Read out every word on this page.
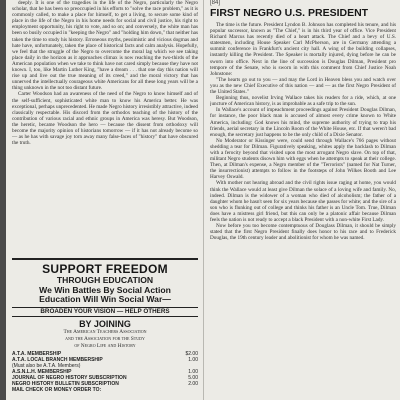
deeply. It is one of the tragedies in the life of the Negro, particularly the Negro scholar, that he has been so preoccupied in his efforts to "solve the race problem," as it is commonly called, to make a place for himself, to get a living, to secure some kind of place in the life of the Negro in his home needs for social and civil justice, his right to employment opportunity, his right to vote, and so on; and conversely, the white man has been so busily occupied in "keeping the Negro" and "holding him down," that neither has taken the time to study his history. Erroneous myths, pessimistic and vicious dogmas and hate have, unfortunately, taken the place of historical facts and calm analysis. Hopefully, we feel that the struggle of the Negro to overcome the moral lag which we see taking place daily in the horizon as it approaches climax is now reaching the two-thirds of the American population when we take to think have not cared simply because they have not known. I, too, like Martin Luther King, "have a dream . . . that one day this nation will rise up and live out the true meaning of its creed," and the moral victory that has unnerved the intellectually courageous white Americans for all these long years will be a thing unknown in the not too distant future.

Carter Woodson had an awareness of the need of the Negro to know himself and of the self-sufficient, sophisticated white man to know his America better. He was exceptional, perhaps unprecedented. He made Negro history irresistibly attractive, indeed classically respectable. His discord from the orthodox teaching of the history of the contribution of various racial and ethnic groups in America was heresy. But Woodson, the heretic, became Woodson the hero — because the dissent from orthodoxy will become the majority opinion of historians tomorrow — if it has not already become so — as he has with savage joy torn away many false-faces of "history" that have obscured the truth.

SUPPORT FREEDOM
THROUGH EDUCATION
We Win Battles By Social Action
Education Will Win Social War—
BROADEN YOUR VISION — HELP OTHERS
BY JOINING
The American Teachers Association
and the Association for the Study
of Negro Life and History
A.T.A. MEMBERSHIP	$2.00
A.T.A. LOCAL BRANCH MEMBERSHIP	1.00
(Must also be A.T.A. Members)
A.S.N.L.H. MEMBERSHIP	1.00
JOURNAL OF NEGRO HISTORY SUBSCRIPTION	5.00
NEGRO HISTORY BULLETIN SUBSCRIPTION	2.00
MAIL CHECK OR MONEY ORDER TO:
[84]
FIRST NEGRO U.S. PRESIDENT

The time is the future. President Lyndon B. Johnson has completed his tenure, and his popular successor, known as "The Chief," is in his third year of office. Vice President Richard Marcus has recently died of a heart attack. The Chief and a bevy of U.S. statesmen, including House Speaker Carl McPherson, are in Germany attending a summit conference in Frankfurt's ancient city hall. A wing of the building collapses, instantly killing the President. The Speaker is mortally injured, dying before he can be sworn into office. Next in the line of succession is Douglas Dilman, President pro tempore of the Senate, who is sworn in with this comment from Chief Justice Noah Johnstone:

"The hearts go out to you — and may the Lord in Heaven bless you and watch over you as the new Chief Executive of this nation — and — as the first Negro President of the United States."

Beginning thus, novelist Irving Wallace takes his readers for a ride, which, at one juncture of American history, is as improbable as a safe trip to the sun.

In Wallace's account of impeachment proceedings against President Douglas Dilman, for instance, the poor black man is accused of almost every crime known to White America, including: God knows his mind, the supreme authority of trying to trap his friends, aerial secretary in the Lincoln Room of the White House, etc. If that weren't bad enough, the secretary just happens to be the only child of a Dixie Senator.

No Moderator or Kissinger were, could send through Wallace's 766 pages without shedding a tear for Dilman. Figuratively speaking, whites apply the backlash to Dilman with a ferocity beyond that visited upon the most arrogant Negro slave. On top of that, militant Negro students disown him with eggs when he attempts to speak at their college. Then, at Dilman's expense, a Negro member of the "Terrorists" (named for Nat Turner, the insurrectionist) attempts to follow in the footsteps of John Wilkes Booth and Lee Harvey Oswald.

With mother not hearing abroad and the civil rights issue raging at home, you would think the Wallace would at least give Dilman the solace of a loving wife and family. No, indeed. Dilman is the widower of a woman who died of alcoholism; the father of a daughter whom he hasn't seen for six years because she passes for white; and the sire of a son who is flunking out of college and thinks his father is an Uncle Tom. True, Dilman does have a mistress girl friend, but this can only be a platonic affair because Dilman feels the nation is not ready to accept a black President with a non-white First Lady.

Now before you too become contemptuous of Douglass Dilman, it should be simply stated that the first Negro President finally does honor to his race and to Frederick Douglas, the 19th century leader and abolitionist for whom he was named.
